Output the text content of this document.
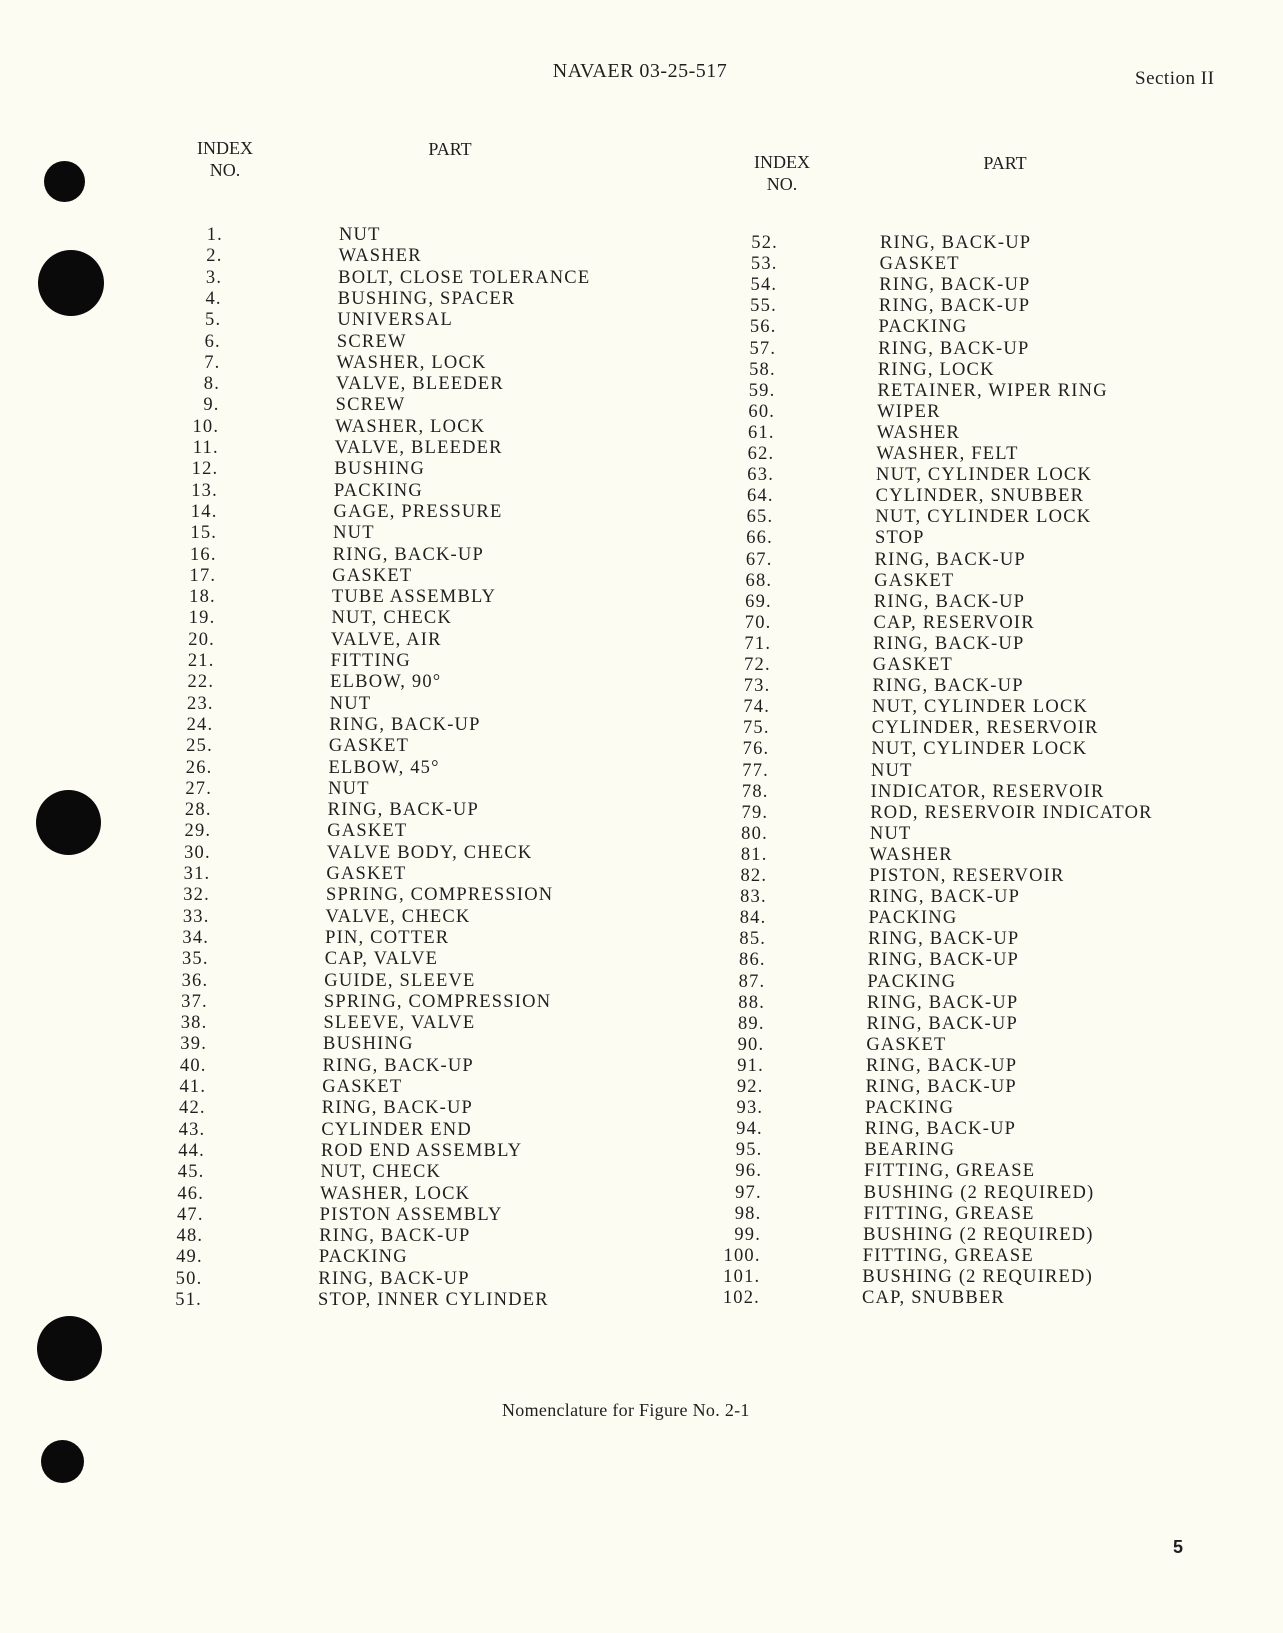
NAVAER 03-25-517	Section II
INDEX
NO.
PART
INDEX
NO.
PART
1.	NUT
2.	WASHER
3.	BOLT, CLOSE TOLERANCE
4.	BUSHING, SPACER
5.	UNIVERSAL
6.	SCREW
7.	WASHER, LOCK
8.	VALVE, BLEEDER
9.	SCREW
10.	WASHER, LOCK
11.	VALVE, BLEEDER
12.	BUSHING
13.	PACKING
14.	GAGE, PRESSURE
15.	NUT
16.	RING, BACK-UP
17.	GASKET
18.	TUBE ASSEMBLY
19.	NUT, CHECK
20.	VALVE, AIR
21.	FITTING
22.	ELBOW, 90°
23.	NUT
24.	RING, BACK-UP
25.	GASKET
26.	ELBOW, 45°
27.	NUT
28.	RING, BACK-UP
29.	GASKET
30.	VALVE BODY, CHECK
31.	GASKET
32.	SPRING, COMPRESSION
33.	VALVE, CHECK
34.	PIN, COTTER
35.	CAP, VALVE
36.	GUIDE, SLEEVE
37.	SPRING, COMPRESSION
38.	SLEEVE, VALVE
39.	BUSHING
40.	RING, BACK-UP
41.	GASKET
42.	RING, BACK-UP
43.	CYLINDER END
44.	ROD END ASSEMBLY
45.	NUT, CHECK
46.	WASHER, LOCK
47.	PISTON ASSEMBLY
48.	RING, BACK-UP
49.	PACKING
50.	RING, BACK-UP
51.	STOP, INNER CYLINDER
52.	RING, BACK-UP
53.	GASKET
54.	RING, BACK-UP
55.	RING, BACK-UP
56.	PACKING
57.	RING, BACK-UP
58.	RING, LOCK
59.	RETAINER, WIPER RING
60.	WIPER
61.	WASHER
62.	WASHER, FELT
63.	NUT, CYLINDER LOCK
64.	CYLINDER, SNUBBER
65.	NUT, CYLINDER LOCK
66.	STOP
67.	RING, BACK-UP
68.	GASKET
69.	RING, BACK-UP
70.	CAP, RESERVOIR
71.	RING, BACK-UP
72.	GASKET
73.	RING, BACK-UP
74.	NUT, CYLINDER LOCK
75.	CYLINDER, RESERVOIR
76.	NUT, CYLINDER LOCK
77.	NUT
78.	INDICATOR, RESERVOIR
79.	ROD, RESERVOIR INDICATOR
80.	NUT
81.	WASHER
82.	PISTON, RESERVOIR
83.	RING, BACK-UP
84.	PACKING
85.	RING, BACK-UP
86.	RING, BACK-UP
87.	PACKING
88.	RING, BACK-UP
89.	RING, BACK-UP
90.	GASKET
91.	RING, BACK-UP
92.	RING, BACK-UP
93.	PACKING
94.	RING, BACK-UP
95.	BEARING
96.	FITTING, GREASE
97.	BUSHING (2 REQUIRED)
98.	FITTING, GREASE
99.	BUSHING (2 REQUIRED)
100.	FITTING, GREASE
101.	BUSHING (2 REQUIRED)
102.	CAP, SNUBBER
Nomenclature for Figure No. 2-1
5
